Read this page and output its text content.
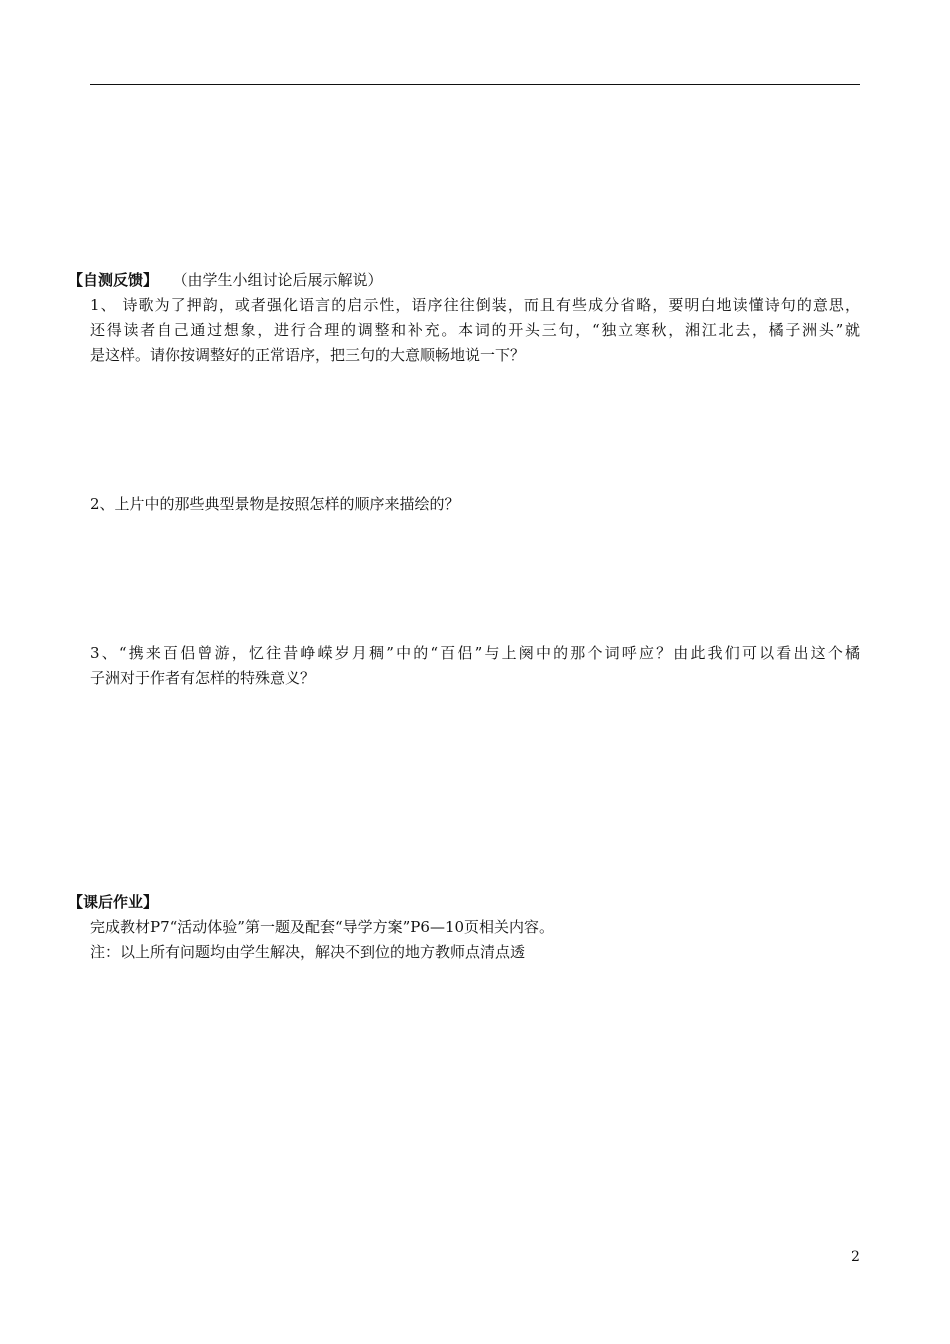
【自测反馈】 （由学生小组讨论后展示解说）
1、 诗歌为了押韵，或者强化语言的启示性，语序往往倒装，而且有些成分省略，要明白地读懂诗句的意思，
还得读者自己通过想象，进行合理的调整和补充。本词的开头三句，“独立寒秋，湘江北去，橘子洲头”就
是这样。请你按调整好的正常语序，把三句的大意顺畅地说一下？
2、上片中的那些典型景物是按照怎样的顺序来描绘的？
3、“携来百侣曾游，忆往昔峥嵘岁月稠”中的“百侣”与上阕中的那个词呼应？由此我们可以看出这个橘
子洲对于作者有怎样的特殊意义？
【课后作业】
完成教材P7“活动体验”第一题及配套“导学方案”P6—10页相关内容。
注：以上所有问题均由学生解决，解决不到位的地方教师点清点透
2
